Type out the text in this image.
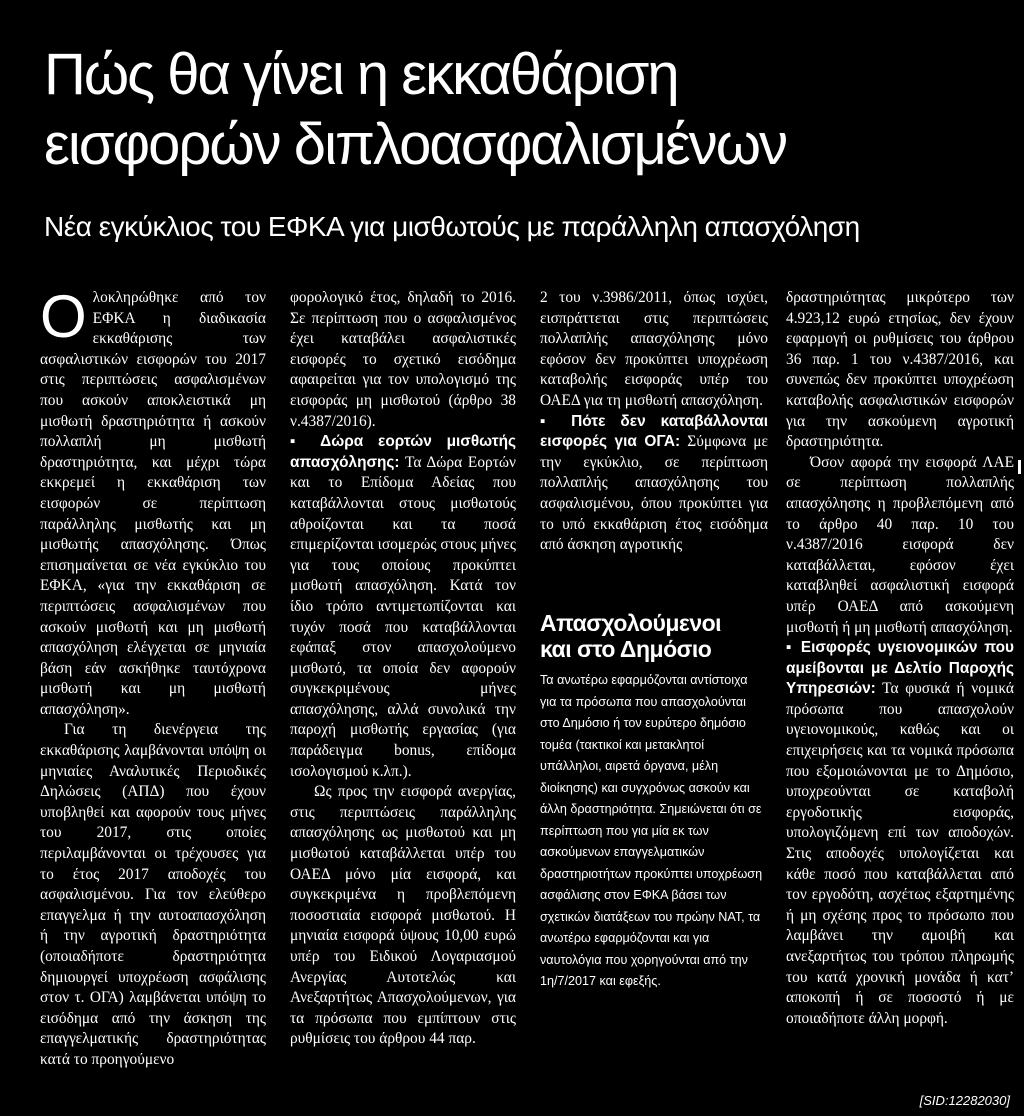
Πώς θα γίνει η εκκαθάριση
εισφορών διπλοασφαλισμένων

Νέα εγκύκλιος του ΕΦΚΑ για μισθωτούς με παράλληλη απασχόληση

Ολοκληρώθηκε από τον ΕΦΚΑ η διαδικασία εκκαθάρισης των ασφαλιστικών εισφορών του 2017 στις περιπτώσεις ασφαλισμένων που ασκούν αποκλειστικά μη μισθωτή δραστηριότητα ή ασκούν πολλαπλή μη μισθωτή δραστηριότητα, και μέχρι τώρα εκκρεμεί η εκκαθάριση των εισφορών σε περίπτωση παράλληλης μισθωτής και μη μισθωτής απασχόλησης. Όπως επισημαίνεται σε νέα εγκύκλιο του ΕΦΚΑ, «για την εκκαθάριση σε περιπτώσεις ασφαλισμένων που ασκούν μισθωτή και μη μισθωτή απασχόληση ελέγχεται σε μηνιαία βάση εάν ασκήθηκε ταυτόχρονα μισθωτή και μη μισθωτή απασχόληση».

Για τη διενέργεια της εκκαθάρισης λαμβάνονται υπόψη οι μηνιαίες Αναλυτικές Περιοδικές Δηλώσεις (ΑΠΔ) που έχουν υποβληθεί και αφορούν τους μήνες του 2017, στις οποίες περιλαμβάνονται οι τρέχουσες για το έτος 2017 αποδοχές του ασφαλισμένου. Για τον ελεύθερο επαγγελμα ή την αυτοαπασχόληση ή την αγροτική δραστηριότητα (οποιαδήποτε δραστηριότητα δημιουργεί υποχρέωση ασφάλισης στον τ. ΟΓΑ) λαμβάνεται υπόψη το εισόδημα από την άσκηση της επαγγελματικής δραστηριότητας κατά το προηγούμενο

φορολογικό έτος, δηλαδή το 2016. Σε περίπτωση που ο ασφαλισμένος έχει καταβάλει ασφαλιστικές εισφορές το σχετικό εισόδημα αφαιρείται για τον υπολογισμό της εισφοράς μη μισθωτού (άρθρο 38 ν.4387/2016).

▪ Δώρα εορτών μισθωτής απασχόλησης: Τα Δώρα Εορτών και το Επίδομα Αδείας που καταβάλλονται στους μισθωτούς αθροίζονται και τα ποσά επιμερίζονται ισομερώς στους μήνες για τους οποίους προκύπτει μισθωτή απασχόληση. Κατά τον ίδιο τρόπο αντιμετωπίζονται και τυχόν ποσά που καταβάλλονται εφάπαξ στον απασχολούμενο μισθωτό, τα οποία δεν αφορούν συγκεκριμένους μήνες απασχόλησης, αλλά συνολικά την παροχή μισθωτής εργασίας (για παράδειγμα bonus, επίδομα ισολογισμού κ.λπ.).

Ως προς την εισφορά ανεργίας, στις περιπτώσεις παράλληλης απασχόλησης ως μισθωτού και μη μισθωτού καταβάλλεται υπέρ του ΟΑΕΔ μόνο μία εισφορά, και συγκεκριμένα η προβλεπόμενη ποσοστιαία εισφορά μισθωτού. Η μηνιαία εισφορά ύψους 10,00 ευρώ υπέρ του Ειδικού Λογαριασμού Ανεργίας Αυτοτελώς και Ανεξαρτήτως Απασχολούμενων, για τα πρόσωπα που εμπίπτουν στις ρυθμίσεις του άρθρου 44 παρ.

2 του ν.3986/2011, όπως ισχύει, εισπράττεται στις περιπτώσεις πολλαπλής απασχόλησης μόνο εφόσον δεν προκύπτει υποχρέωση καταβολής εισφοράς υπέρ του ΟΑΕΔ για τη μισθωτή απασχόληση.

▪ Πότε δεν καταβάλλονται εισφορές για ΟΓΑ: Σύμφωνα με την εγκύκλιο, σε περίπτωση πολλαπλής απασχόλησης του ασφαλισμένου, όπου προκύπτει για το υπό εκκαθάριση έτος εισόδημα από άσκηση αγροτικής

Απασχολούμενοι
και στο Δημόσιο

Τα ανωτέρω εφαρμόζονται αντίστοιχα για τα πρόσωπα που απασχολούνται στο Δημόσιο ή τον ευρύτερο δημόσιο τομέα (τακτικοί και μετακλητοί υπάλληλοι, αιρετά όργανα, μέλη διοίκησης) και συγχρόνως ασκούν και άλλη δραστηριότητα. Σημειώνεται ότι σε περίπτωση που για μία εκ των ασκούμενων επαγγελματικών δραστηριοτήτων προκύπτει υποχρέωση ασφάλισης στον ΕΦΚΑ βάσει των σχετικών διατάξεων του πρώην ΝΑΤ, τα ανωτέρω εφαρμόζονται και για ναυτολόγια που χορηγούνται από την 1η/7/2017 και εφεξής.

δραστηριότητας μικρότερο των 4.923,12 ευρώ ετησίως, δεν έχουν εφαρμογή οι ρυθμίσεις του άρθρου 36 παρ. 1 του ν.4387/2016, και συνεπώς δεν προκύπτει υποχρέωση καταβολής ασφαλιστικών εισφορών για την ασκούμενη αγροτική δραστηριότητα.

Όσον αφορά την εισφορά ΛΑΕ σε περίπτωση πολλαπλής απασχόλησης η προβλεπόμενη από το άρθρο 40 παρ. 10 του ν.4387/2016 εισφορά δεν καταβάλλεται, εφόσον έχει καταβληθεί ασφαλιστική εισφορά υπέρ ΟΑΕΔ από ασκούμενη μισθωτή ή μη μισθωτή απασχόληση.

▪ Εισφορές υγειονομικών που αμείβονται με Δελτίο Παροχής Υπηρεσιών: Τα φυσικά ή νομικά πρόσωπα που απασχολούν υγειονομικούς, καθώς και οι επιχειρήσεις και τα νομικά πρόσωπα που εξομοιώνονται με το Δημόσιο, υποχρεούνται σε καταβολή εργοδοτικής εισφοράς, υπολογιζόμενη επί των αποδοχών. Στις αποδοχές υπολογίζεται και κάθε ποσό που καταβάλλεται από τον εργοδότη, ασχέτως εξαρτημένης ή μη σχέσης προς το πρόσωπο που λαμβάνει την αμοιβή και ανεξαρτήτως του τρόπου πληρωμής του κατά χρονική μονάδα ή κατ’ αποκοπή ή σε ποσοστό ή με οποιαδήποτε άλλη μορφή.

[SID:12282030]
